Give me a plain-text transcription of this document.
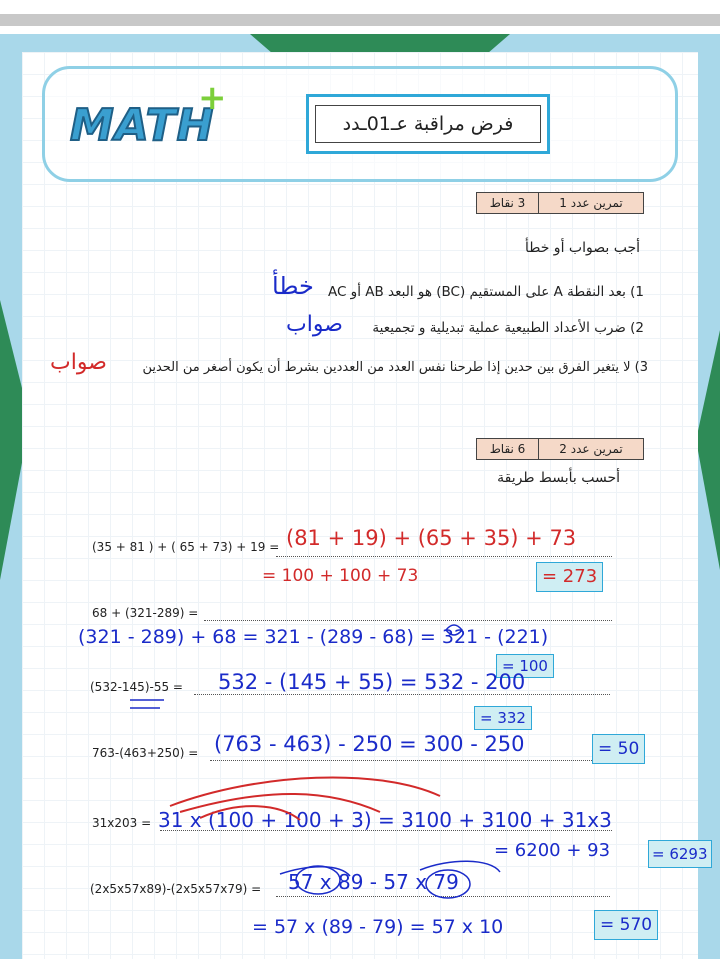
MATH
+
فرض مراقبة عـ01ـدد
تمرين عدد 1
3 نقاط
أجب بصواب أو خطأ
1) بعد النقطة A على المستقيم (BC) هو البعد AB أو AC
خطأ
2) ضرب الأعداد الطبيعية عملية تبديلية و تجميعية
صواب
3) لا يتغير الفرق بين حدين إذا طرحنا نفس العدد من العددين بشرط أن يكون أصغر من الحدين
صواب
تمرين عدد 2
6 نقاط
أحسب بأبسط طريقة
(35 + 81 ) + ( 65 + 73) + 19 = (81 + 19) + (65 + 35) + 73
= 100 + 100 + 73	= 273
68 + (321-289) =
(321 - 289) + 68 = 321 - (289 - 68) = 321 - (221)
= 100
(532-145)-55 = 532 - (145 + 55) = 532 - 200
= 332
763-(463+250) = (763 - 463) - 250 = 300 - 250	= 50
31x203 = 31 x (100 + 100 + 3) = 3100 + 3100 + 31x3
= 6200 + 93	= 6293
(2x5x57x89)-(2x5x57x79) = 57 x 89 - 57 x 79
= 57 x (89 - 79) = 57 x 10	= 570
